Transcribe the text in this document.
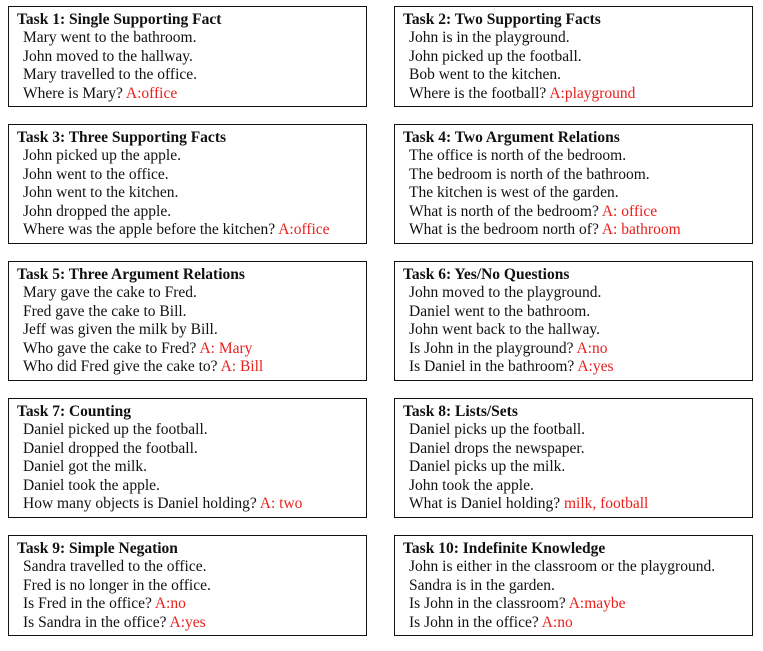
Task 1: Single Supporting Fact
Mary went to the bathroom.
John moved to the hallway.
Mary travelled to the office.
Where is Mary? A:office
Task 2: Two Supporting Facts
John is in the playground.
John picked up the football.
Bob went to the kitchen.
Where is the football? A:playground
Task 3: Three Supporting Facts
John picked up the apple.
John went to the office.
John went to the kitchen.
John dropped the apple.
Where was the apple before the kitchen? A:office
Task 4: Two Argument Relations
The office is north of the bedroom.
The bedroom is north of the bathroom.
The kitchen is west of the garden.
What is north of the bedroom? A: office
What is the bedroom north of? A: bathroom
Task 5: Three Argument Relations
Mary gave the cake to Fred.
Fred gave the cake to Bill.
Jeff was given the milk by Bill.
Who gave the cake to Fred? A: Mary
Who did Fred give the cake to? A: Bill
Task 6: Yes/No Questions
John moved to the playground.
Daniel went to the bathroom.
John went back to the hallway.
Is John in the playground? A:no
Is Daniel in the bathroom? A:yes
Task 7: Counting
Daniel picked up the football.
Daniel dropped the football.
Daniel got the milk.
Daniel took the apple.
How many objects is Daniel holding? A: two
Task 8: Lists/Sets
Daniel picks up the football.
Daniel drops the newspaper.
Daniel picks up the milk.
John took the apple.
What is Daniel holding? milk, football
Task 9: Simple Negation
Sandra travelled to the office.
Fred is no longer in the office.
Is Fred in the office? A:no
Is Sandra in the office? A:yes
Task 10: Indefinite Knowledge
John is either in the classroom or the playground.
Sandra is in the garden.
Is John in the classroom? A:maybe
Is John in the office? A:no
